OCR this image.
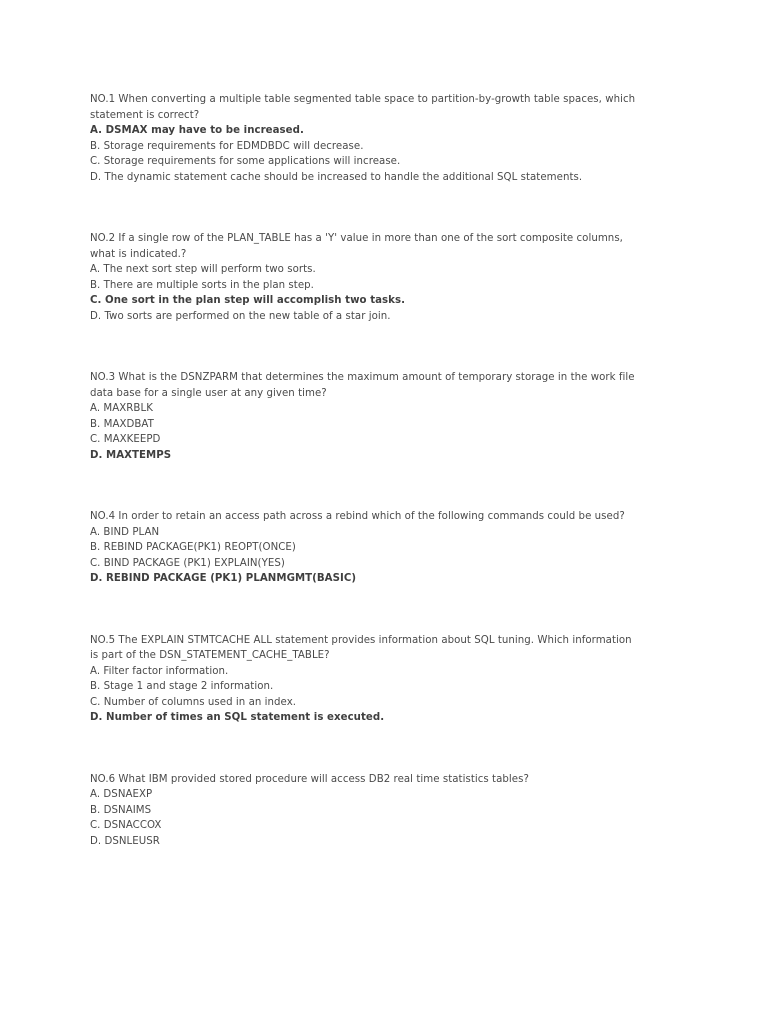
NO.1 When converting a multiple table segmented table space to partition-by-growth table spaces, which
statement is correct?
A. DSMAX may have to be increased.
B. Storage requirements for EDMDBDC will decrease.
C. Storage requirements for some applications will increase.
D. The dynamic statement cache should be increased to handle the additional SQL statements.
NO.2 If a single row of the PLAN_TABLE has a 'Y' value in more than one of the sort composite columns,
what is indicated.?
A. The next sort step will perform two sorts.
B. There are multiple sorts in the plan step.
C. One sort in the plan step will accomplish two tasks.
D. Two sorts are performed on the new table of a star join.
NO.3 What is the DSNZPARM that determines the maximum amount of temporary storage in the work file
data base for a single user at any given time?
A. MAXRBLK
B. MAXDBAT
C. MAXKEEPD
D. MAXTEMPS
NO.4 In order to retain an access path across a rebind which of the following commands could be used?
A. BIND PLAN
B. REBIND PACKAGE(PK1) REOPT(ONCE)
C. BIND PACKAGE (PK1) EXPLAIN(YES)
D. REBIND PACKAGE (PK1) PLANMGMT(BASIC)
NO.5 The EXPLAIN STMTCACHE ALL statement provides information about SQL tuning. Which information
is part of the DSN_STATEMENT_CACHE_TABLE?
A. Filter factor information.
B. Stage 1 and stage 2 information.
C. Number of columns used in an index.
D. Number of times an SQL statement is executed.
NO.6 What IBM provided stored procedure will access DB2 real time statistics tables?
A. DSNAEXP
B. DSNAIMS
C. DSNACCOX
D. DSNLEUSR
